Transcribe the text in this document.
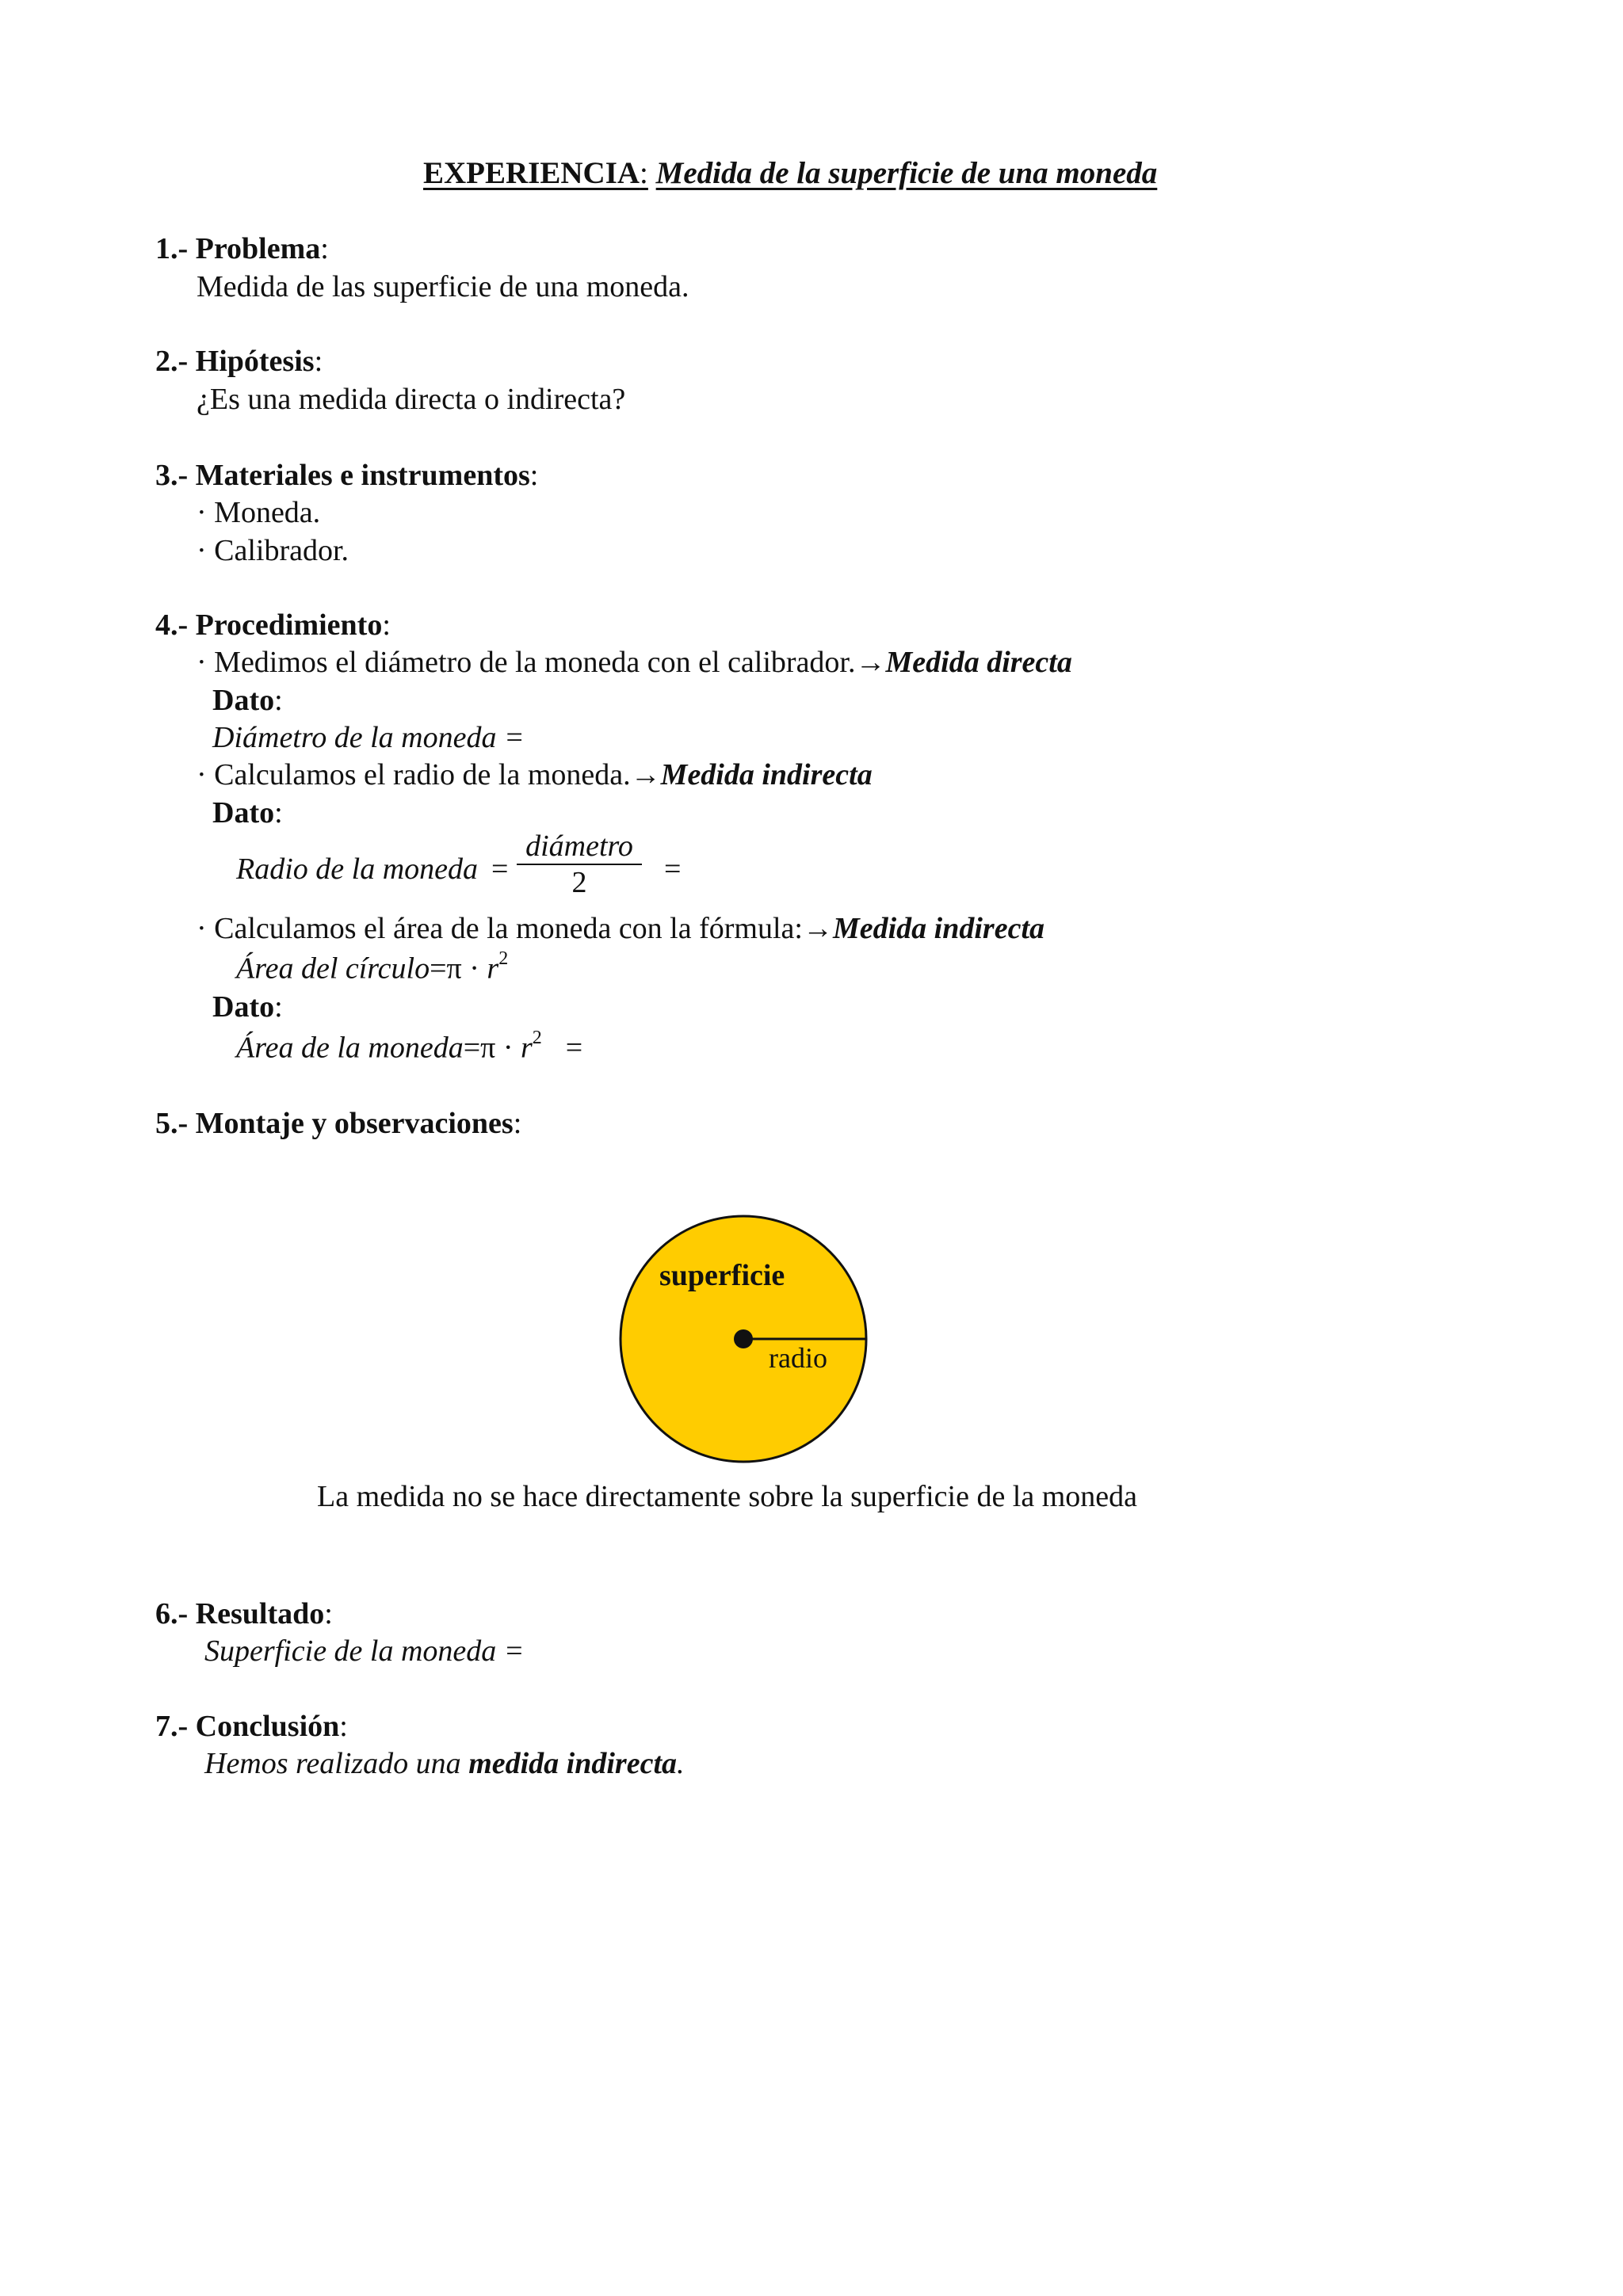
EXPERIENCIA: Medida de la superficie de una moneda
1.- Problema:
Medida de las superficie de una moneda.
2.- Hipótesis:
¿Es una medida directa o indirecta?
3.- Materiales e instrumentos:
· Moneda.
· Calibrador.
4.- Procedimiento:
· Medimos el diámetro de la moneda con el calibrador.→Medida directa
Dato:
Diámetro de la moneda =
· Calculamos el radio de la moneda.→Medida indirecta
Dato:
Radio de la moneda =
diámetro
2	=
· Calculamos el área de la moneda con la fórmula:→Medida indirecta
Área del círculo=π · $r^2$
Dato:
Área de la moneda=π · $r^2$ =
5.- Montaje y observaciones:
superficie
radio
La medida no se hace directamente sobre la superficie de la moneda
6.- Resultado:
Superficie de la moneda =
7.- Conclusión:
Hemos realizado una medida indirecta.
